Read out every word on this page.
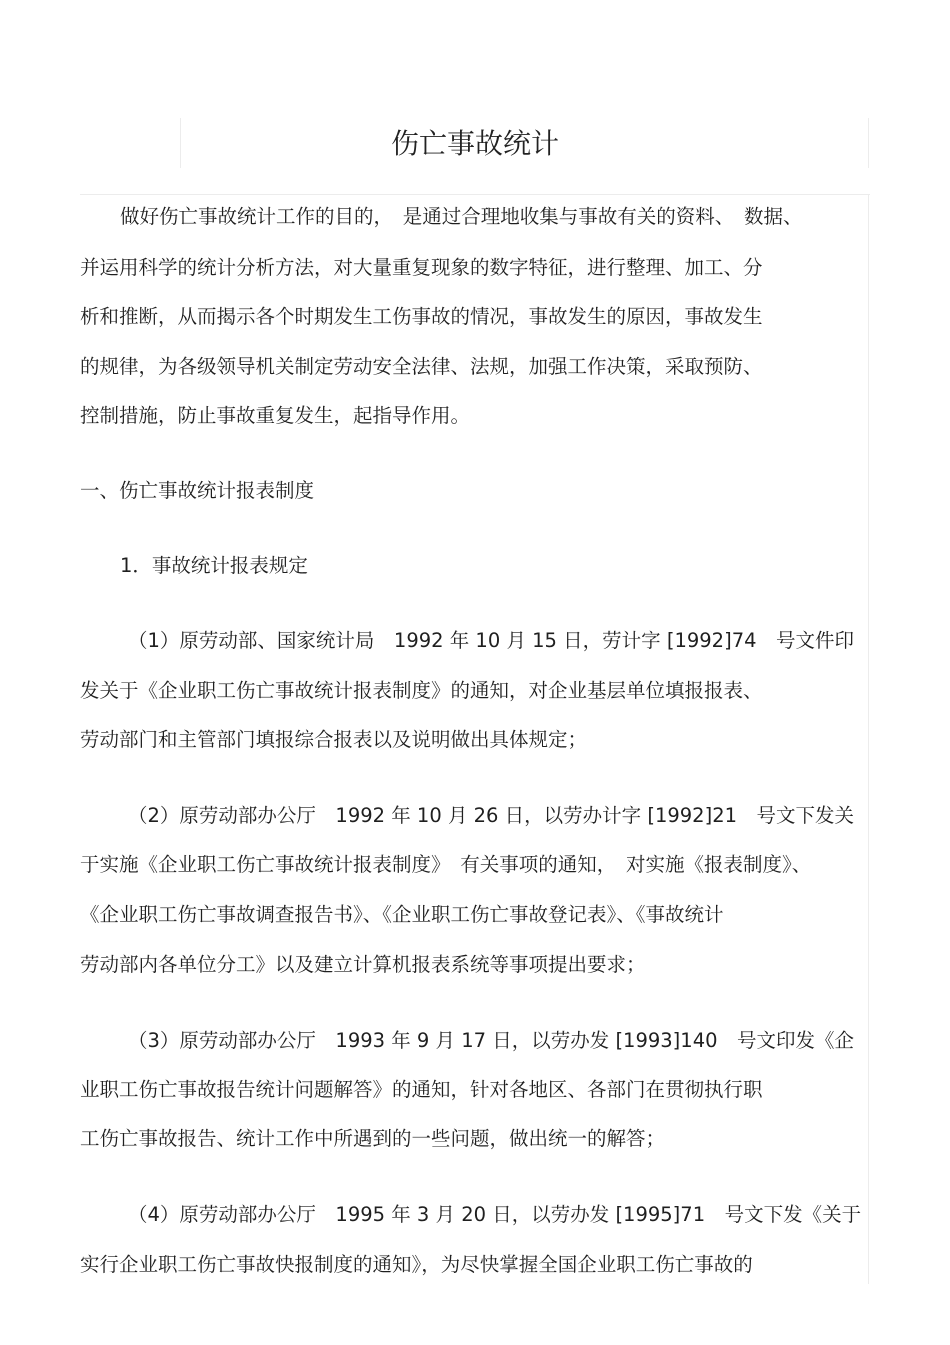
伤亡事故统计
做好伤亡事故统计工作的目的，　是通过合理地收集与事故有关的资料、　数据、
并运用科学的统计分析方法，对大量重复现象的数字特征，进行整理、加工、分
析和推断，从而揭示各个时期发生工伤事故的情况，事故发生的原因，事故发生
的规律，为各级领导机关制定劳动安全法律、法规，加强工作决策，采取预防、
控制措施，防止事故重复发生，起指导作用。
一、伤亡事故统计报表制度
1．事故统计报表规定
（1）原劳动部、国家统计局　1992 年 10 月 15 日，劳计字 [1992]74　号文件印
发关于《企业职工伤亡事故统计报表制度》的通知，对企业基层单位填报报表、
劳动部门和主管部门填报综合报表以及说明做出具体规定；
（2）原劳动部办公厅　1992 年 10 月 26 日，以劳办计字 [1992]21　号文下发关
于实施《企业职工伤亡事故统计报表制度》　有关事项的通知，　对实施《报表制度》、
《企业职工伤亡事故调查报告书》、《企业职工伤亡事故登记表》、《事故统计
劳动部内各单位分工》以及建立计算机报表系统等事项提出要求；
（3）原劳动部办公厅　1993 年 9 月 17 日，以劳办发 [1993]140　号文印发《企
业职工伤亡事故报告统计问题解答》的通知，针对各地区、各部门在贯彻执行职
工伤亡事故报告、统计工作中所遇到的一些问题，做出统一的解答；
（4）原劳动部办公厅　1995 年 3 月 20 日，以劳办发 [1995]71　号文下发《关于
实行企业职工伤亡事故快报制度的通知》，为尽快掌握全国企业职工伤亡事故的
